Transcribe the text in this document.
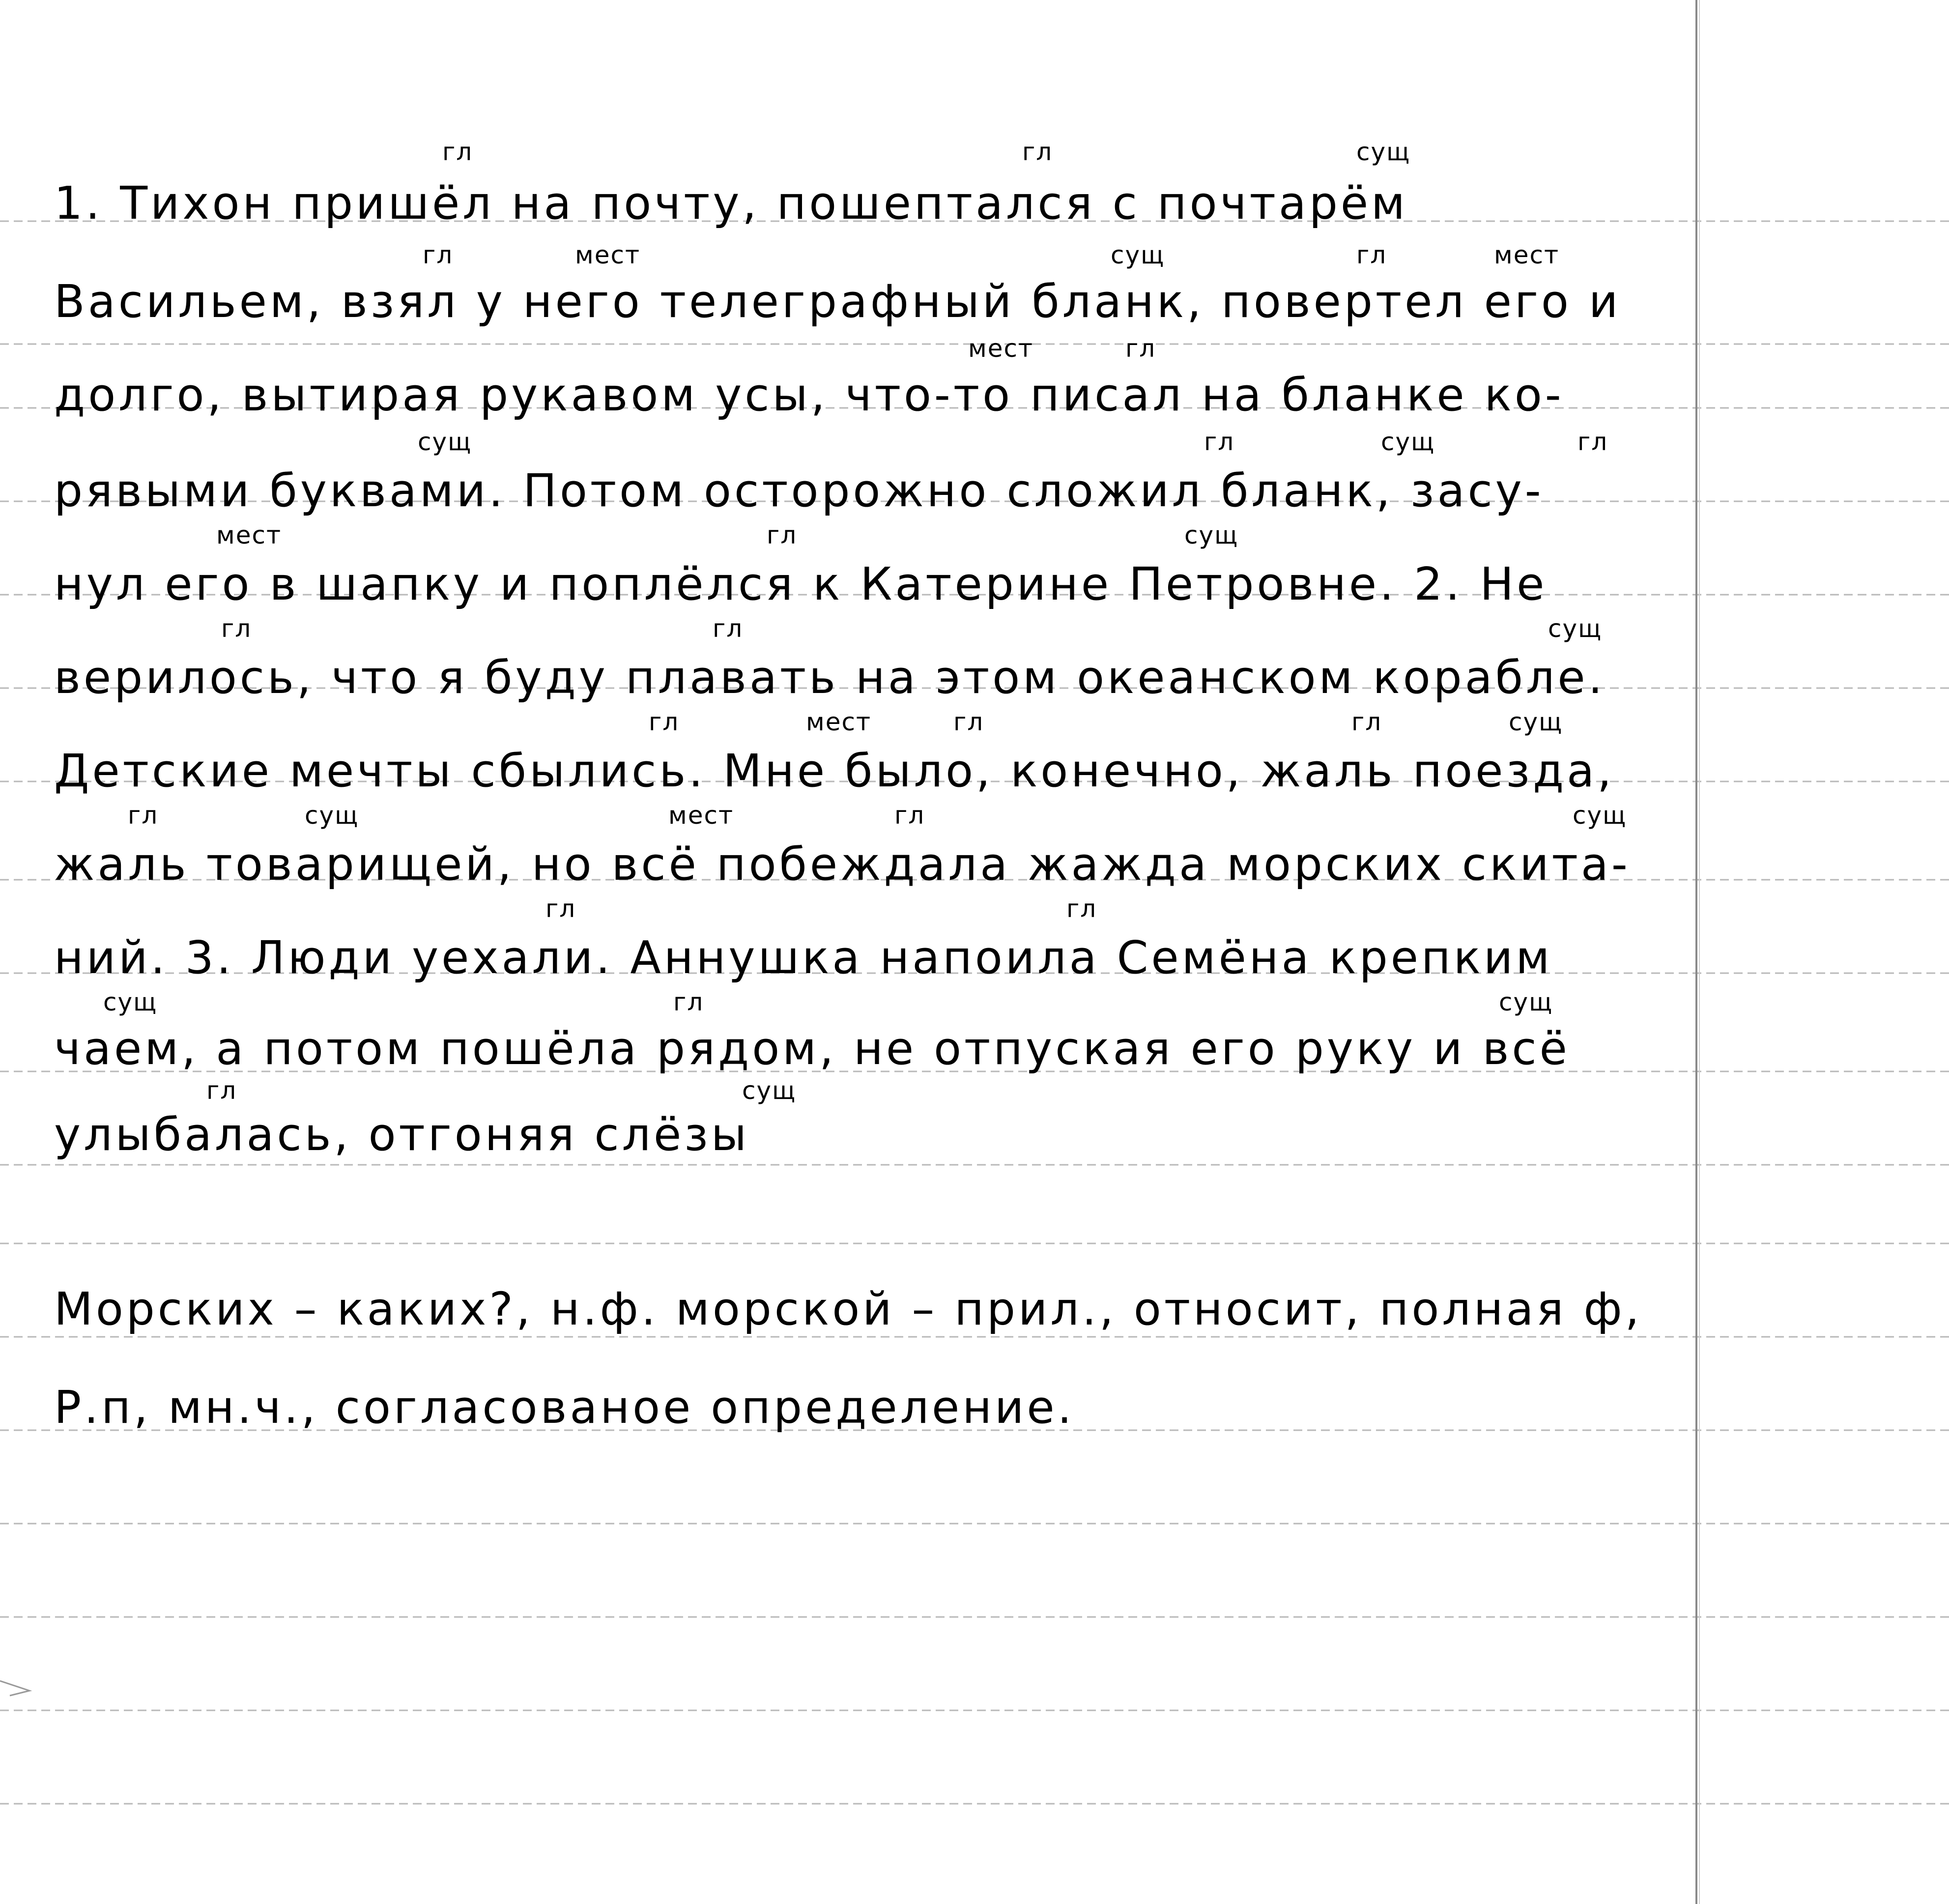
гл	гл	сущ
1. Тихон пришёл на почту, пошептался с почтарём
гл	мест	сущ	гл	мест
Васильем, взял у него телеграфный бланк, повертел его и
мест	гл
долго, вытирая рукавом усы, что-то писал на бланке ко-
сущ	гл	сущ	гл
рявыми буквами. Потом осторожно сложил бланк, засу-
мест	гл	сущ
нул его в шапку и поплёлся к Катерине Петровне. 2. Не
гл	гл	сущ
верилось, что я буду плавать на этом океанском корабле.
гл	мест	гл	гл	сущ
Детские мечты сбылись. Мне было, конечно, жаль поезда,
гл	сущ	мест	гл	сущ
жаль товарищей, но всё побеждала жажда морских скита-
гл	гл
ний. 3. Люди уехали. Аннушка напоила Семёна крепким
сущ	гл	сущ
чаем, а потом пошёла рядом, не отпуская его руку и всё
гл	сущ
улыбалась, отгоняя слёзы
Морских – каких?, н.ф. морской – прил., относит, полная ф,
Р.п, мн.ч., согласованое определение.
